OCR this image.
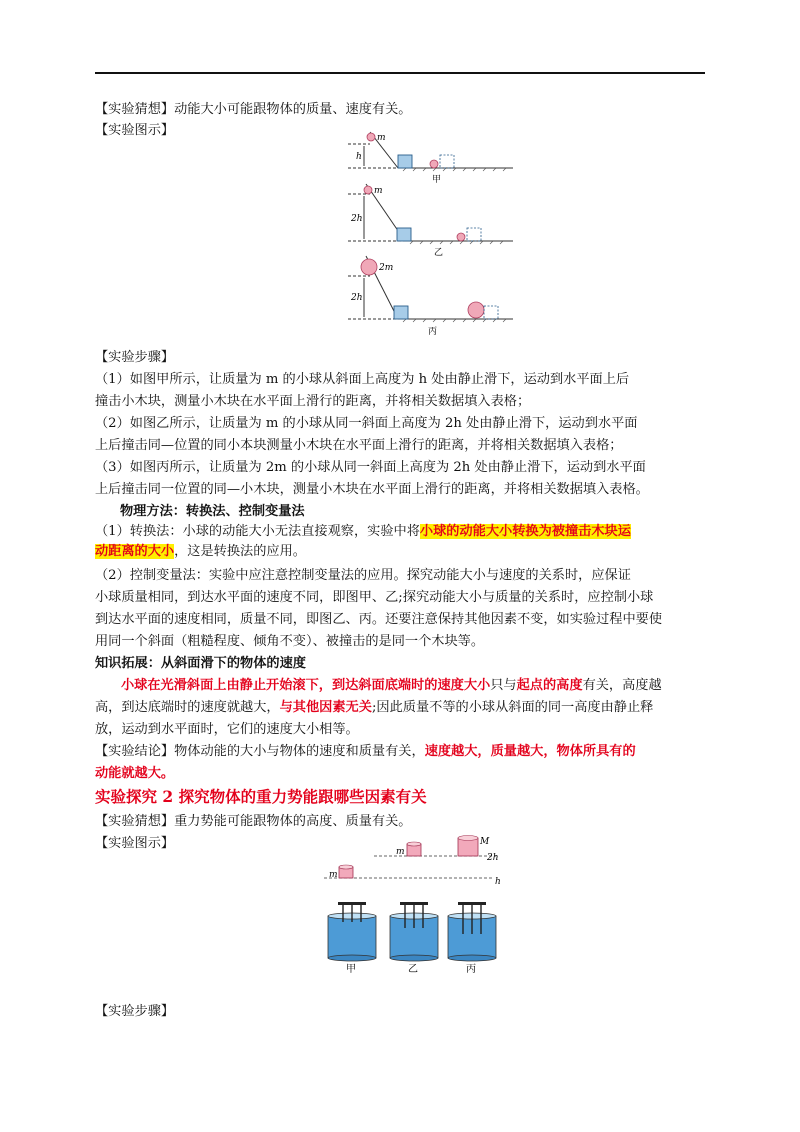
【实验猜想】动能大小可能跟物体的质量、速度有关。
【实验图示】	m
h
甲
m
2h
乙
2m
2h
丙
【实验步骤】
（1）如图甲所示，让质量为 m 的小球从斜面上高度为 h 处由静止滑下，运动到水平面上后
撞击小木块，测量小木块在水平面上滑行的距离，并将相关数据填入表格；
（2）如图乙所示，让质量为 m 的小球从同一斜面上高度为 2h 处由静止滑下，运动到水平面
上后撞击同—位置的同小本块测量小木块在水平面上滑行的距离，并将相关数据填入表格；
（3）如图丙所示，让质量为 2m 的小球从同一斜面上高度为 2h 处由静止滑下，运动到水平面
上后撞击同一位置的同—小木块，测量小木块在水平面上滑行的距离，并将相关数据填入表格。
物理方法：转换法、控制变量法
（1）转换法：小球的动能大小无法直接观察，实验中将小球的动能大小转换为被撞击木块运
动距离的大小，这是转换法的应用。
（2）控制变量法：实验中应注意控制变量法的应用。探究动能大小与速度的关系时，应保证
小球质量相同，到达水平面的速度不同，即图甲、乙;探究动能大小与质量的关系时，应控制小球
到达水平面的速度相同，质量不同，即图乙、丙。还要注意保持其他因素不变，如实验过程中要使
用同一个斜面（粗糙程度、倾角不变）、被撞击的是同一个木块等。
知识拓展：从斜面滑下的物体的速度
小球在光滑斜面上由静止开始滚下，到达斜面底端时的速度大小只与起点的高度有关，高度越
高，到达底端时的速度就越大，与其他因素无关;因此质量不等的小球从斜面的同一高度由静止释
放，运动到水平面时，它们的速度大小相等。
【实验结论】物体动能的大小与物体的速度和质量有关，速度越大，质量越大，物体所具有的
动能就越大。
实验探究 2 探究物体的重力势能跟哪些因素有关
【实验猜想】重力势能可能跟物体的高度、质量有关。
【实验图示】
m
M
2h
m
h
甲	乙	丙
【实验步骤】
